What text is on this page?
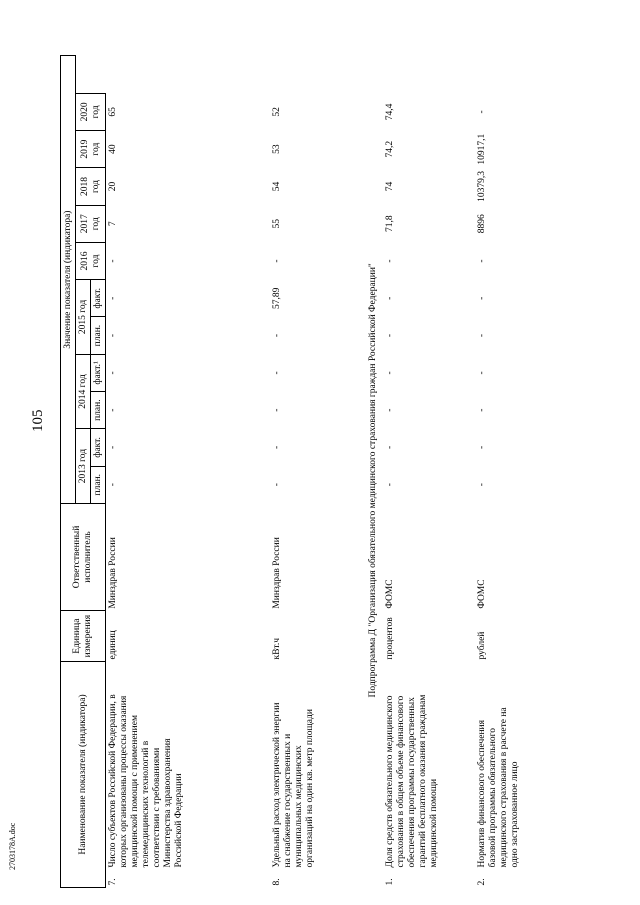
105
2703178A.doc	Наименование показателя (индикатора)	Единица измерения	Ответственный исполнитель	Значение показателя (индикатора)										
			2013 год		2014 год		2015 год		2016 год	2017 год	2018 год	2019 год	2020 год
			план.	факт.	план.	факт.¹	план.	факт.					
7.Число субъектов Российской Федерации, в которых организованы процессы оказания медицинской помощи с применением телемедицинских технологий в соответствии с требованиями Министерства здравоохранения Российской Федерации	единиц	Минздрав России	-	-	-	-	-	-	-	7	20	40	65
8.Удельный расход электрической энергии на снабжение государственных и муниципальных медицинских организаций на один кв. метр площади	кВт.ч	Минздрав России	-	-	-	-	-	57,89	-	55	54	53	52
Подпрограмма Д "Организация обязательного медицинского страхования граждан Российской Федерации"													
1.Доля средств обязательного медицинского страхования в общем объеме финансового обеспечения программы государственных гарантий бесплатного оказания гражданам медицинской помощи	процентов	ФОМС	-	-	-	-	-	-	-	71,8	74	74,2	74,4
2.Норматив финансового обеспечения базовой программы обязательного медицинского страхования в расчете на одно застрахованное лицо	рублей	ФОМС	-	-	-	-	-	-	-	8896	10379,3	10917,1	-
